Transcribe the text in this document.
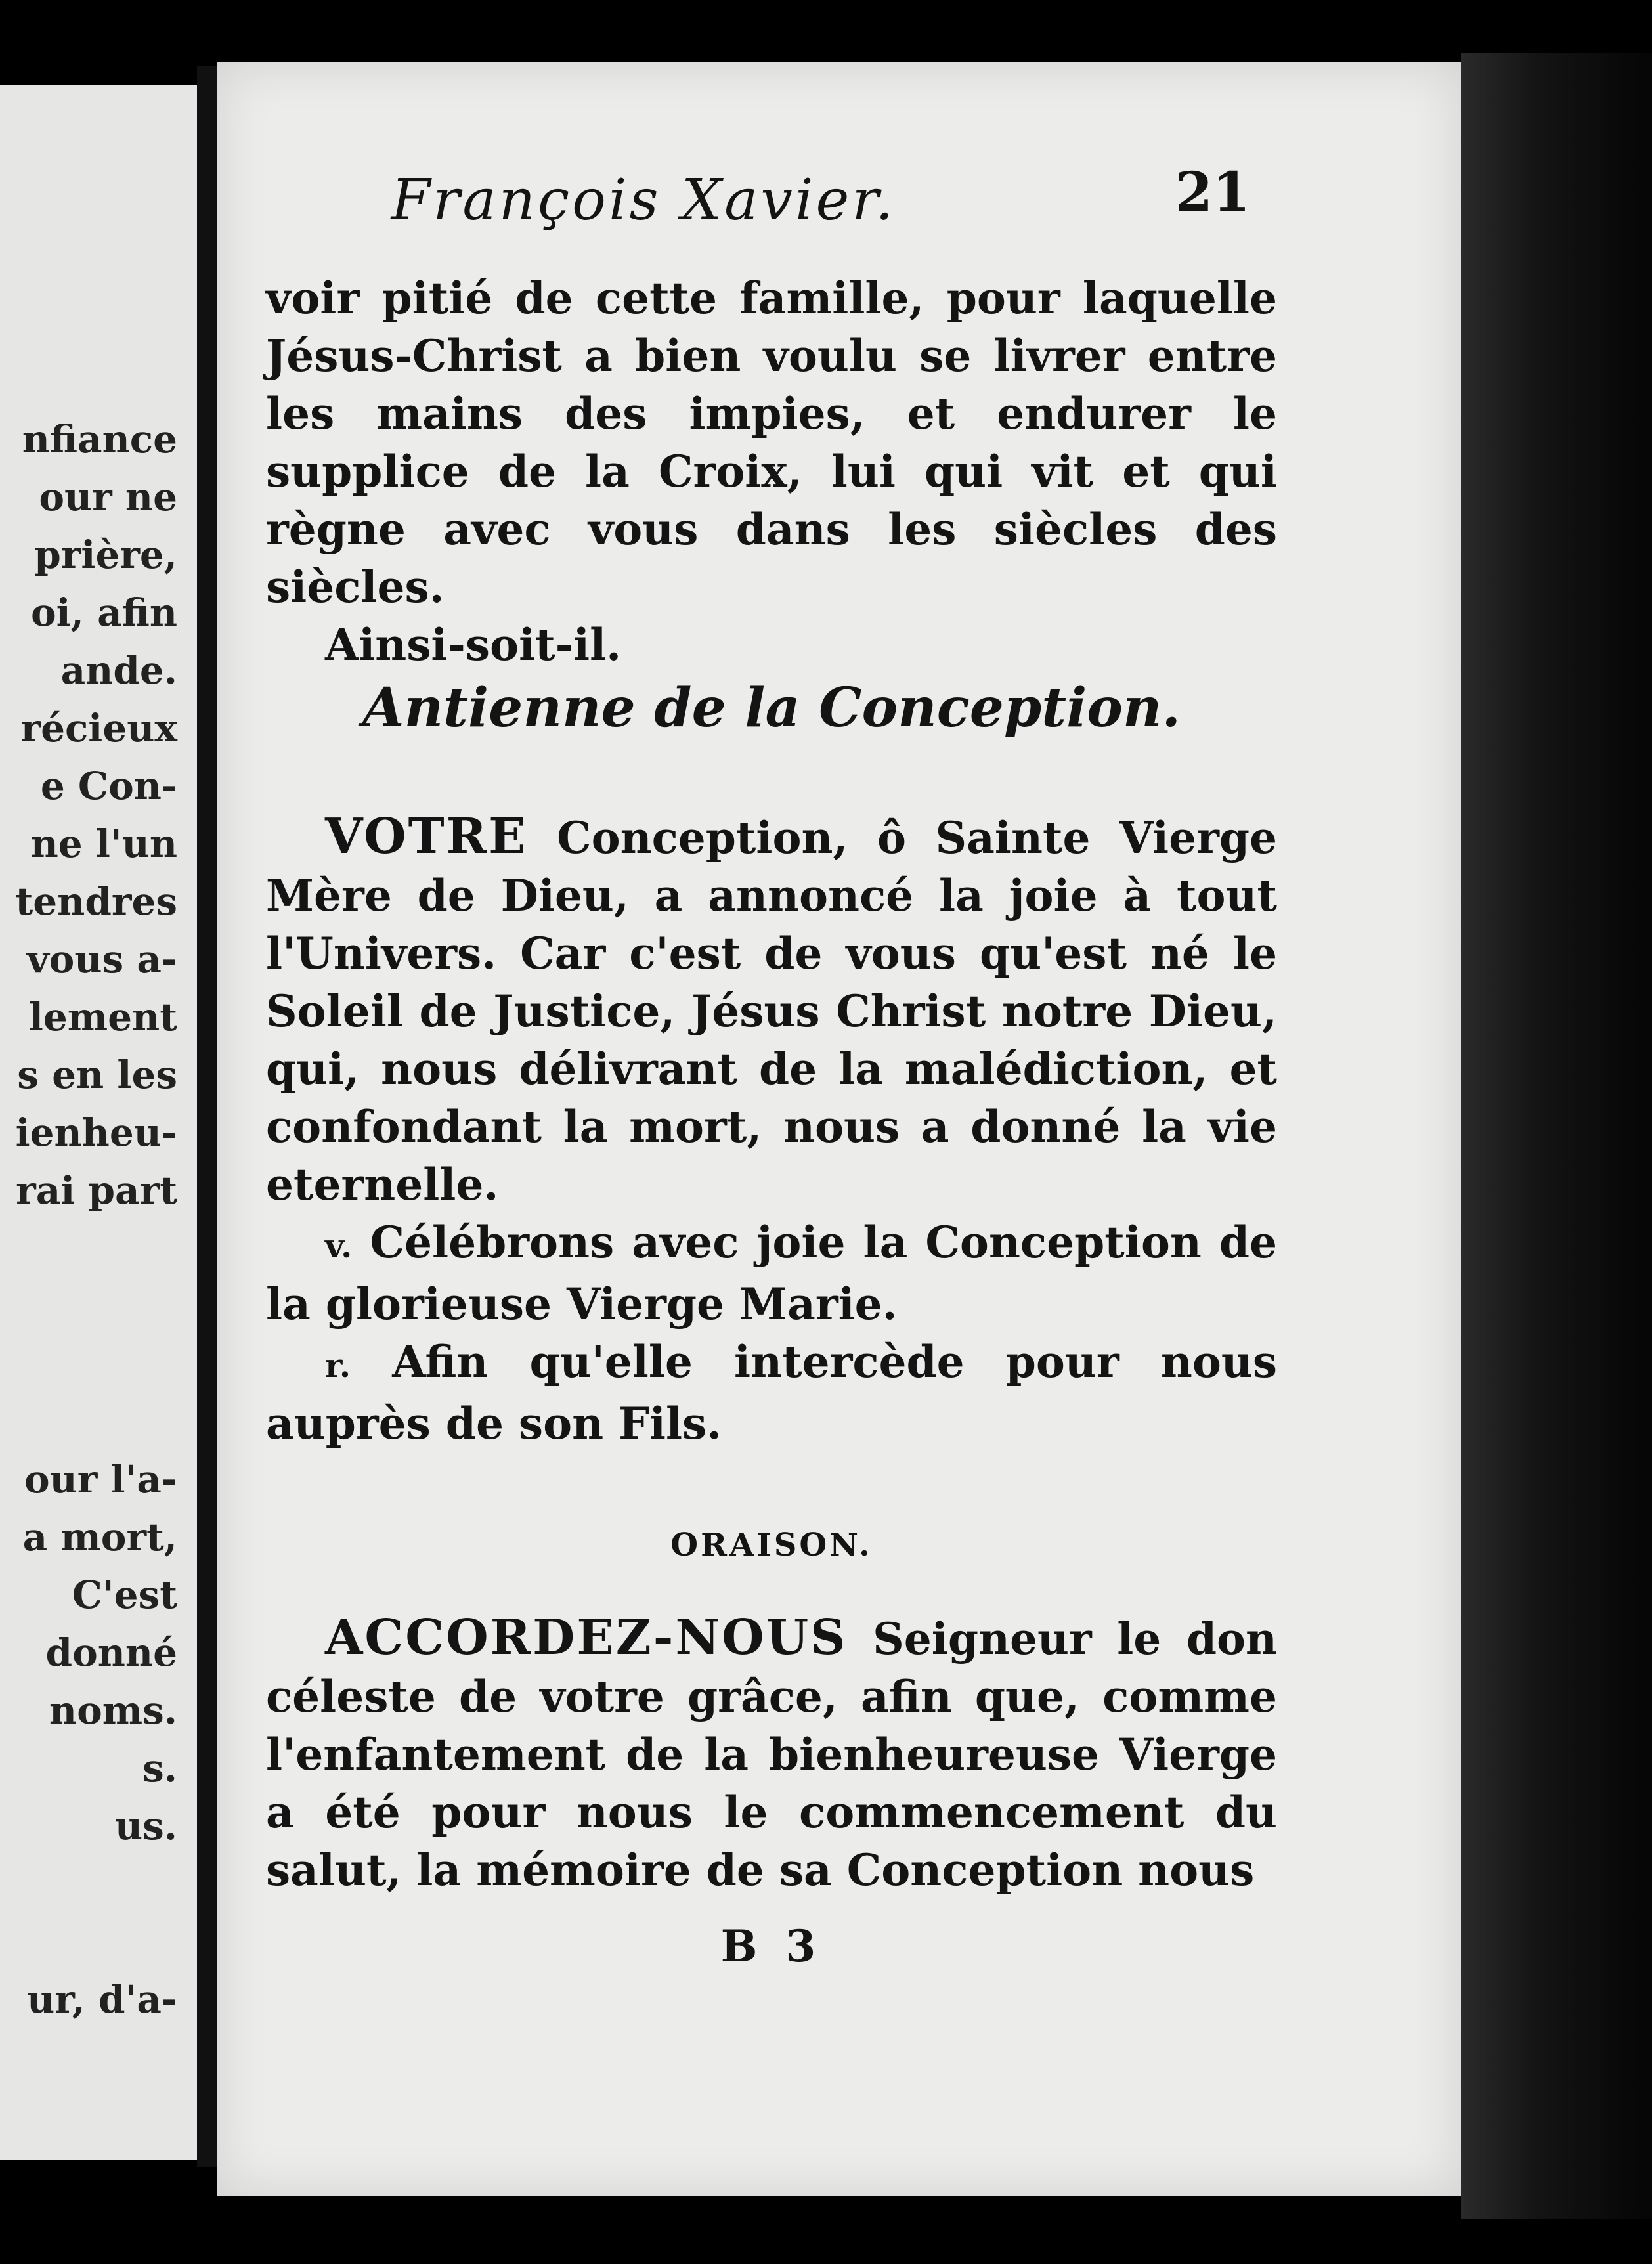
nfiance
our ne
prière,
oi, afin
ande.
récieux
e Con-
ne l'un
tendres
vous a-
lement
s en les
ienheu-
rai part
our l'a-
a mort,
C'est
donné
noms.
s.
us.
ur, d'a-
François Xavier.	21

voir pitié de cette famille, pour laquelle Jésus-Christ a bien voulu se livrer entre les mains des impies, et endurer le supplice de la Croix, lui qui vit et qui règne avec vous dans les siècles des siècles.
Ainsi-soit-il.

Antienne de la Conception.

VOTRE Conception, ô Sainte Vierge Mère de Dieu, a annoncé la joie à tout l'Univers. Car c'est de vous qu'est né le Soleil de Justice, Jésus Christ notre Dieu, qui, nous délivrant de la malédiction, et confondant la mort, nous a donné la vie eternelle.
v. Célébrons avec joie la Conception de la glorieuse Vierge Marie.
r. Afin qu'elle intercède pour nous auprès de son Fils.

ORAISON.

ACCORDEZ-NOUS Seigneur le don céleste de votre grâce, afin que, comme l'enfantement de la bienheureuse Vierge a été pour nous le commencement du salut, la mémoire de sa Conception nous

B 3
